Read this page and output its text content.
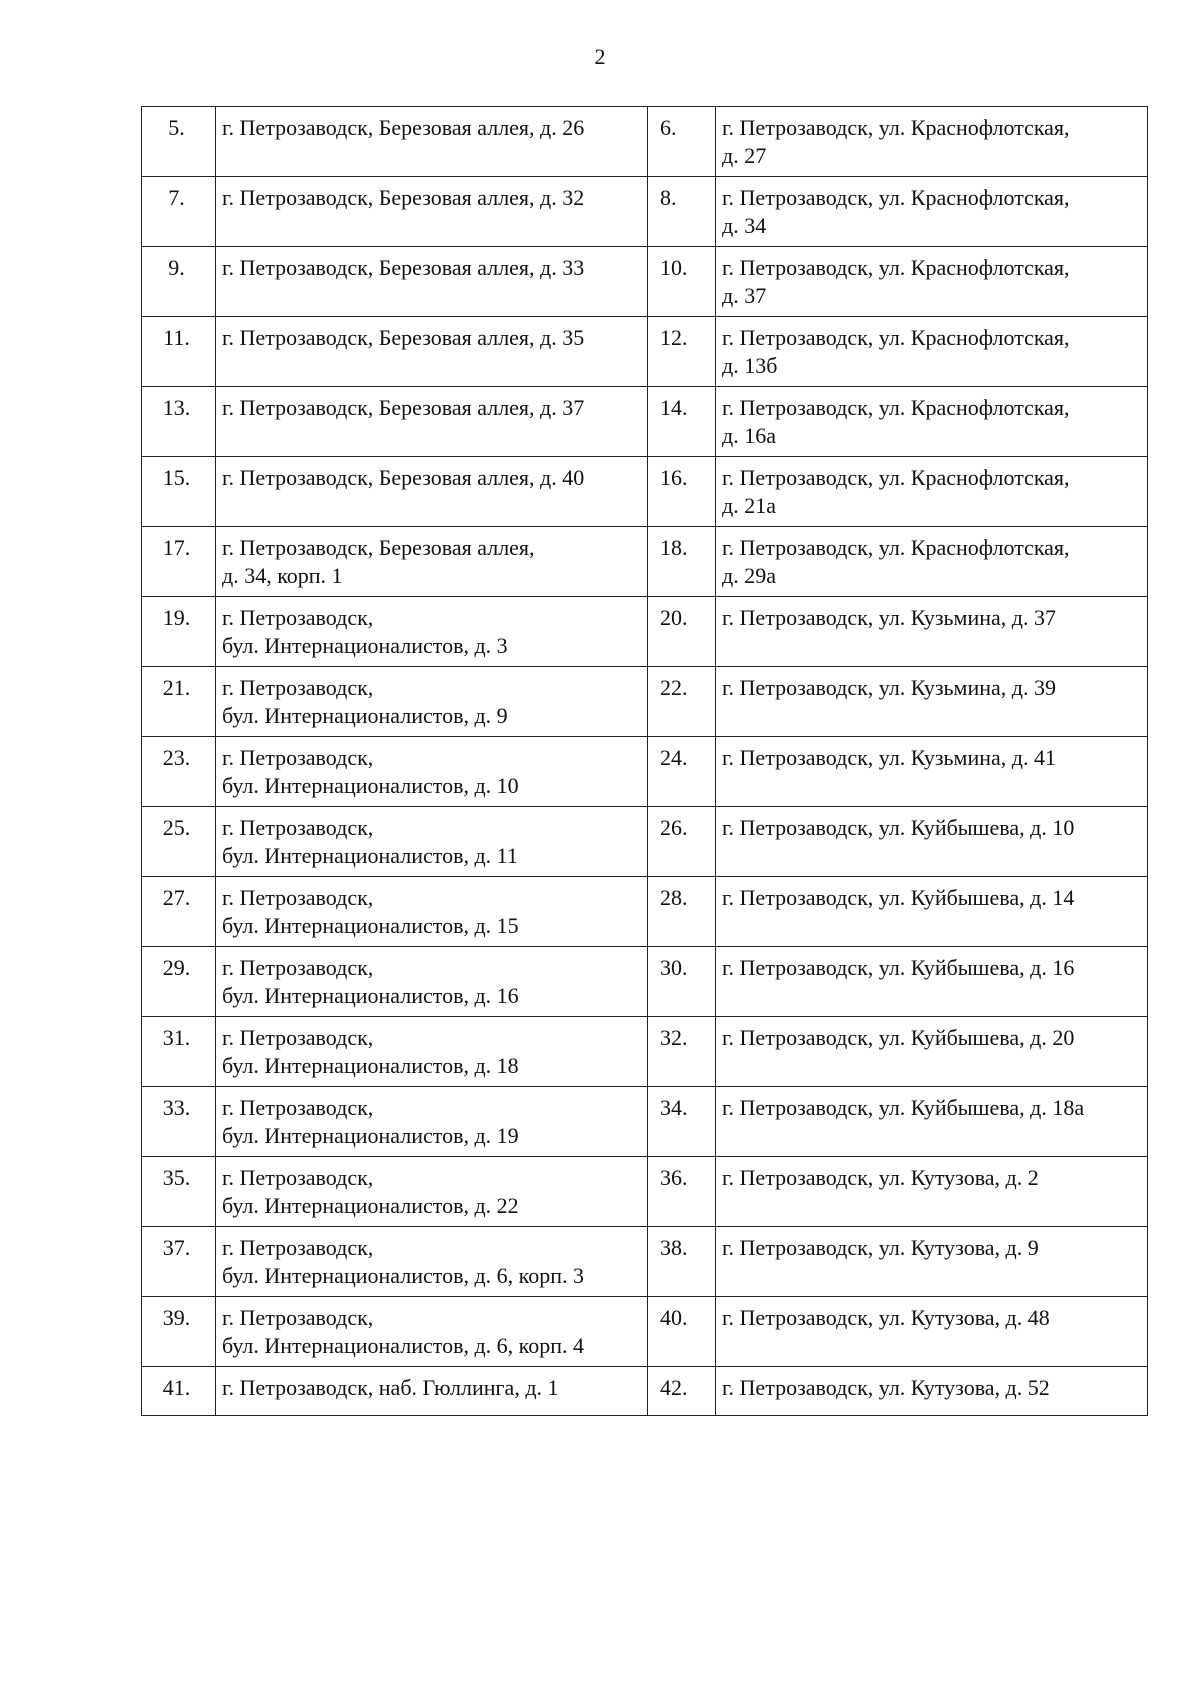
2
5.	г. Петрозаводск, Березовая аллея, д. 26	6.	г. Петрозаводск, ул. Краснофлотская,
д. 27
7.	г. Петрозаводск, Березовая аллея, д. 32	8.	г. Петрозаводск, ул. Краснофлотская,
д. 34
9.	г. Петрозаводск, Березовая аллея, д. 33	10.	г. Петрозаводск, ул. Краснофлотская,
д. 37
11.	г. Петрозаводск, Березовая аллея, д. 35	12.	г. Петрозаводск, ул. Краснофлотская,
д. 13б
13.	г. Петрозаводск, Березовая аллея, д. 37	14.	г. Петрозаводск, ул. Краснофлотская,
д. 16а
15.	г. Петрозаводск, Березовая аллея, д. 40	16.	г. Петрозаводск, ул. Краснофлотская,
д. 21а
17.	г. Петрозаводск, Березовая аллея,
д. 34, корп. 1	18.	г. Петрозаводск, ул. Краснофлотская,
д. 29а
19.	г. Петрозаводск,
бул. Интернационалистов, д. 3	20.	г. Петрозаводск, ул. Кузьмина, д. 37
21.	г. Петрозаводск,
бул. Интернационалистов, д. 9	22.	г. Петрозаводск, ул. Кузьмина, д. 39
23.	г. Петрозаводск,
бул. Интернационалистов, д. 10	24.	г. Петрозаводск, ул. Кузьмина, д. 41
25.	г. Петрозаводск,
бул. Интернационалистов, д. 11	26.	г. Петрозаводск, ул. Куйбышева, д. 10
27.	г. Петрозаводск,
бул. Интернационалистов, д. 15	28.	г. Петрозаводск, ул. Куйбышева, д. 14
29.	г. Петрозаводск,
бул. Интернационалистов, д. 16	30.	г. Петрозаводск, ул. Куйбышева, д. 16
31.	г. Петрозаводск,
бул. Интернационалистов, д. 18	32.	г. Петрозаводск, ул. Куйбышева, д. 20
33.	г. Петрозаводск,
бул. Интернационалистов, д. 19	34.	г. Петрозаводск, ул. Куйбышева, д. 18а
35.	г. Петрозаводск,
бул. Интернационалистов, д. 22	36.	г. Петрозаводск, ул. Кутузова, д. 2
37.	г. Петрозаводск,
бул. Интернационалистов, д. 6, корп. 3	38.	г. Петрозаводск, ул. Кутузова, д. 9
39.	г. Петрозаводск,
бул. Интернационалистов, д. 6, корп. 4	40.	г. Петрозаводск, ул. Кутузова, д. 48
41.	г. Петрозаводск, наб. Гюллинга, д. 1	42.	г. Петрозаводск, ул. Кутузова, д. 52
